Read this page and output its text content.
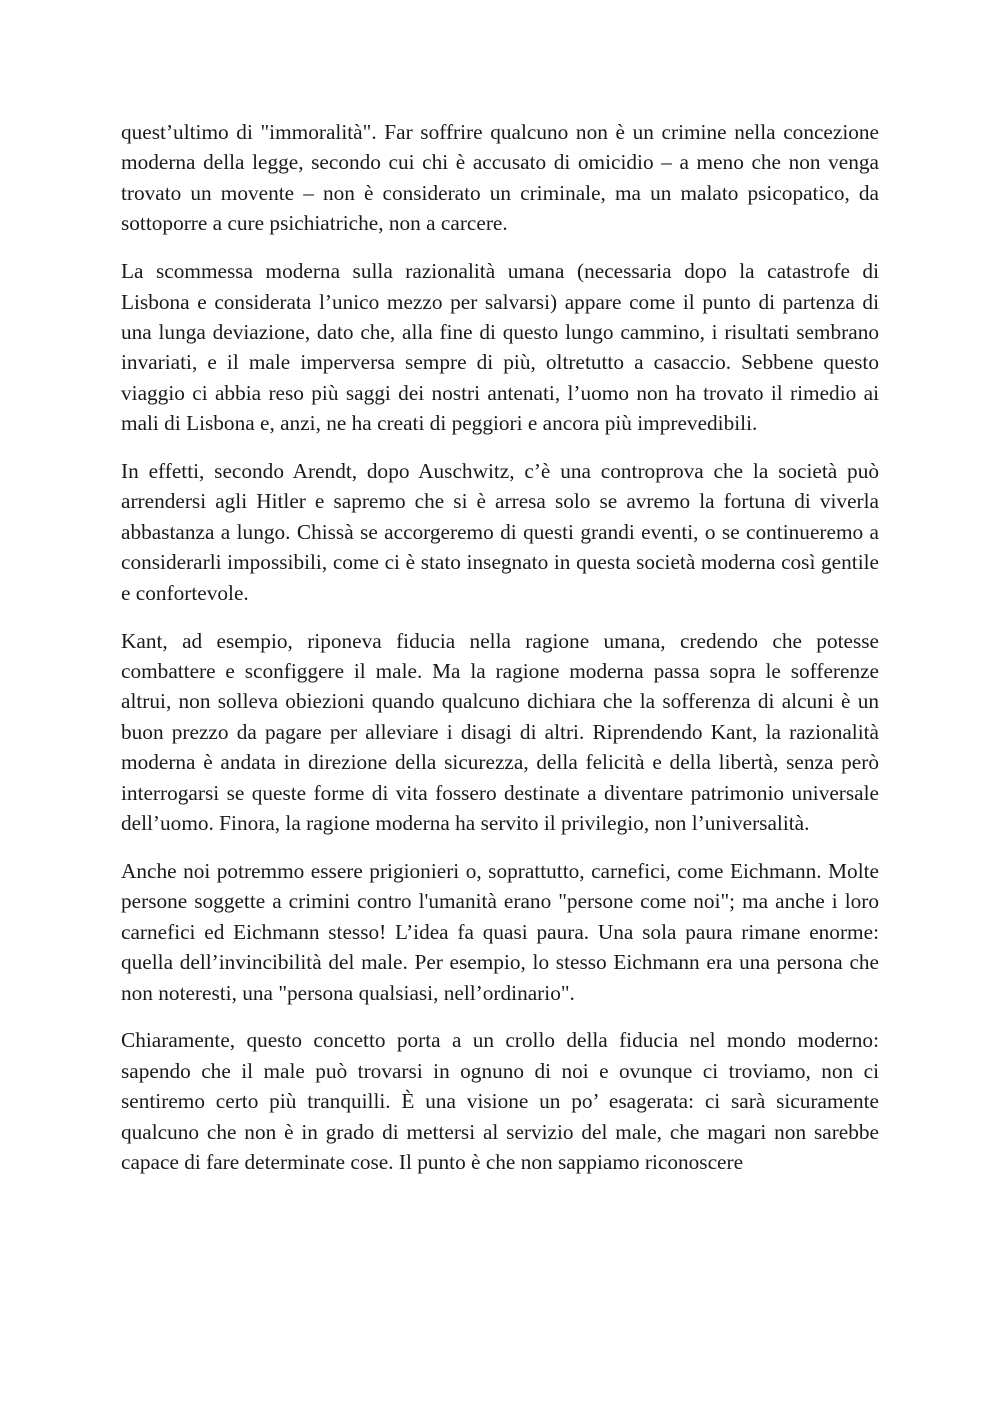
quest’ultimo di "immoralità". Far soffrire qualcuno non è un crimine nella concezione moderna della legge, secondo cui chi è accusato di omicidio – a meno che non venga trovato un movente – non è considerato un criminale, ma un malato psicopatico, da sottoporre a cure psichiatriche, non a carcere.

La scommessa moderna sulla razionalità umana (necessaria dopo la catastrofe di Lisbona e considerata l’unico mezzo per salvarsi) appare come il punto di partenza di una lunga deviazione, dato che, alla fine di questo lungo cammino, i risultati sembrano invariati, e il male imperversa sempre di più, oltretutto a casaccio. Sebbene questo viaggio ci abbia reso più saggi dei nostri antenati, l’uomo non ha trovato il rimedio ai mali di Lisbona e, anzi, ne ha creati di peggiori e ancora più imprevedibili.

In effetti, secondo Arendt, dopo Auschwitz, c’è una controprova che la società può arrendersi agli Hitler e sapremo che si è arresa solo se avremo la fortuna di viverla abbastanza a lungo. Chissà se accorgeremo di questi grandi eventi, o se continueremo a considerarli impossibili, come ci è stato insegnato in questa società moderna così gentile e confortevole.

Kant, ad esempio, riponeva fiducia nella ragione umana, credendo che potesse combattere e sconfiggere il male. Ma la ragione moderna passa sopra le sofferenze altrui, non solleva obiezioni quando qualcuno dichiara che la sofferenza di alcuni è un buon prezzo da pagare per alleviare i disagi di altri. Riprendendo Kant, la razionalità moderna è andata in direzione della sicurezza, della felicità e della libertà, senza però interrogarsi se queste forme di vita fossero destinate a diventare patrimonio universale dell’uomo. Finora, la ragione moderna ha servito il privilegio, non l’universalità.

Anche noi potremmo essere prigionieri o, soprattutto, carnefici, come Eichmann. Molte persone soggette a crimini contro l'umanità erano "persone come noi"; ma anche i loro carnefici ed Eichmann stesso! L’idea fa quasi paura. Una sola paura rimane enorme: quella dell’invincibilità del male. Per esempio, lo stesso Eichmann era una persona che non noteresti, una "persona qualsiasi, nell’ordinario".

Chiaramente, questo concetto porta a un crollo della fiducia nel mondo moderno: sapendo che il male può trovarsi in ognuno di noi e ovunque ci troviamo, non ci sentiremo certo più tranquilli. È una visione un po’ esagerata: ci sarà sicuramente qualcuno che non è in grado di mettersi al servizio del male, che magari non sarebbe capace di fare determinate cose. Il punto è che non sappiamo riconoscere
